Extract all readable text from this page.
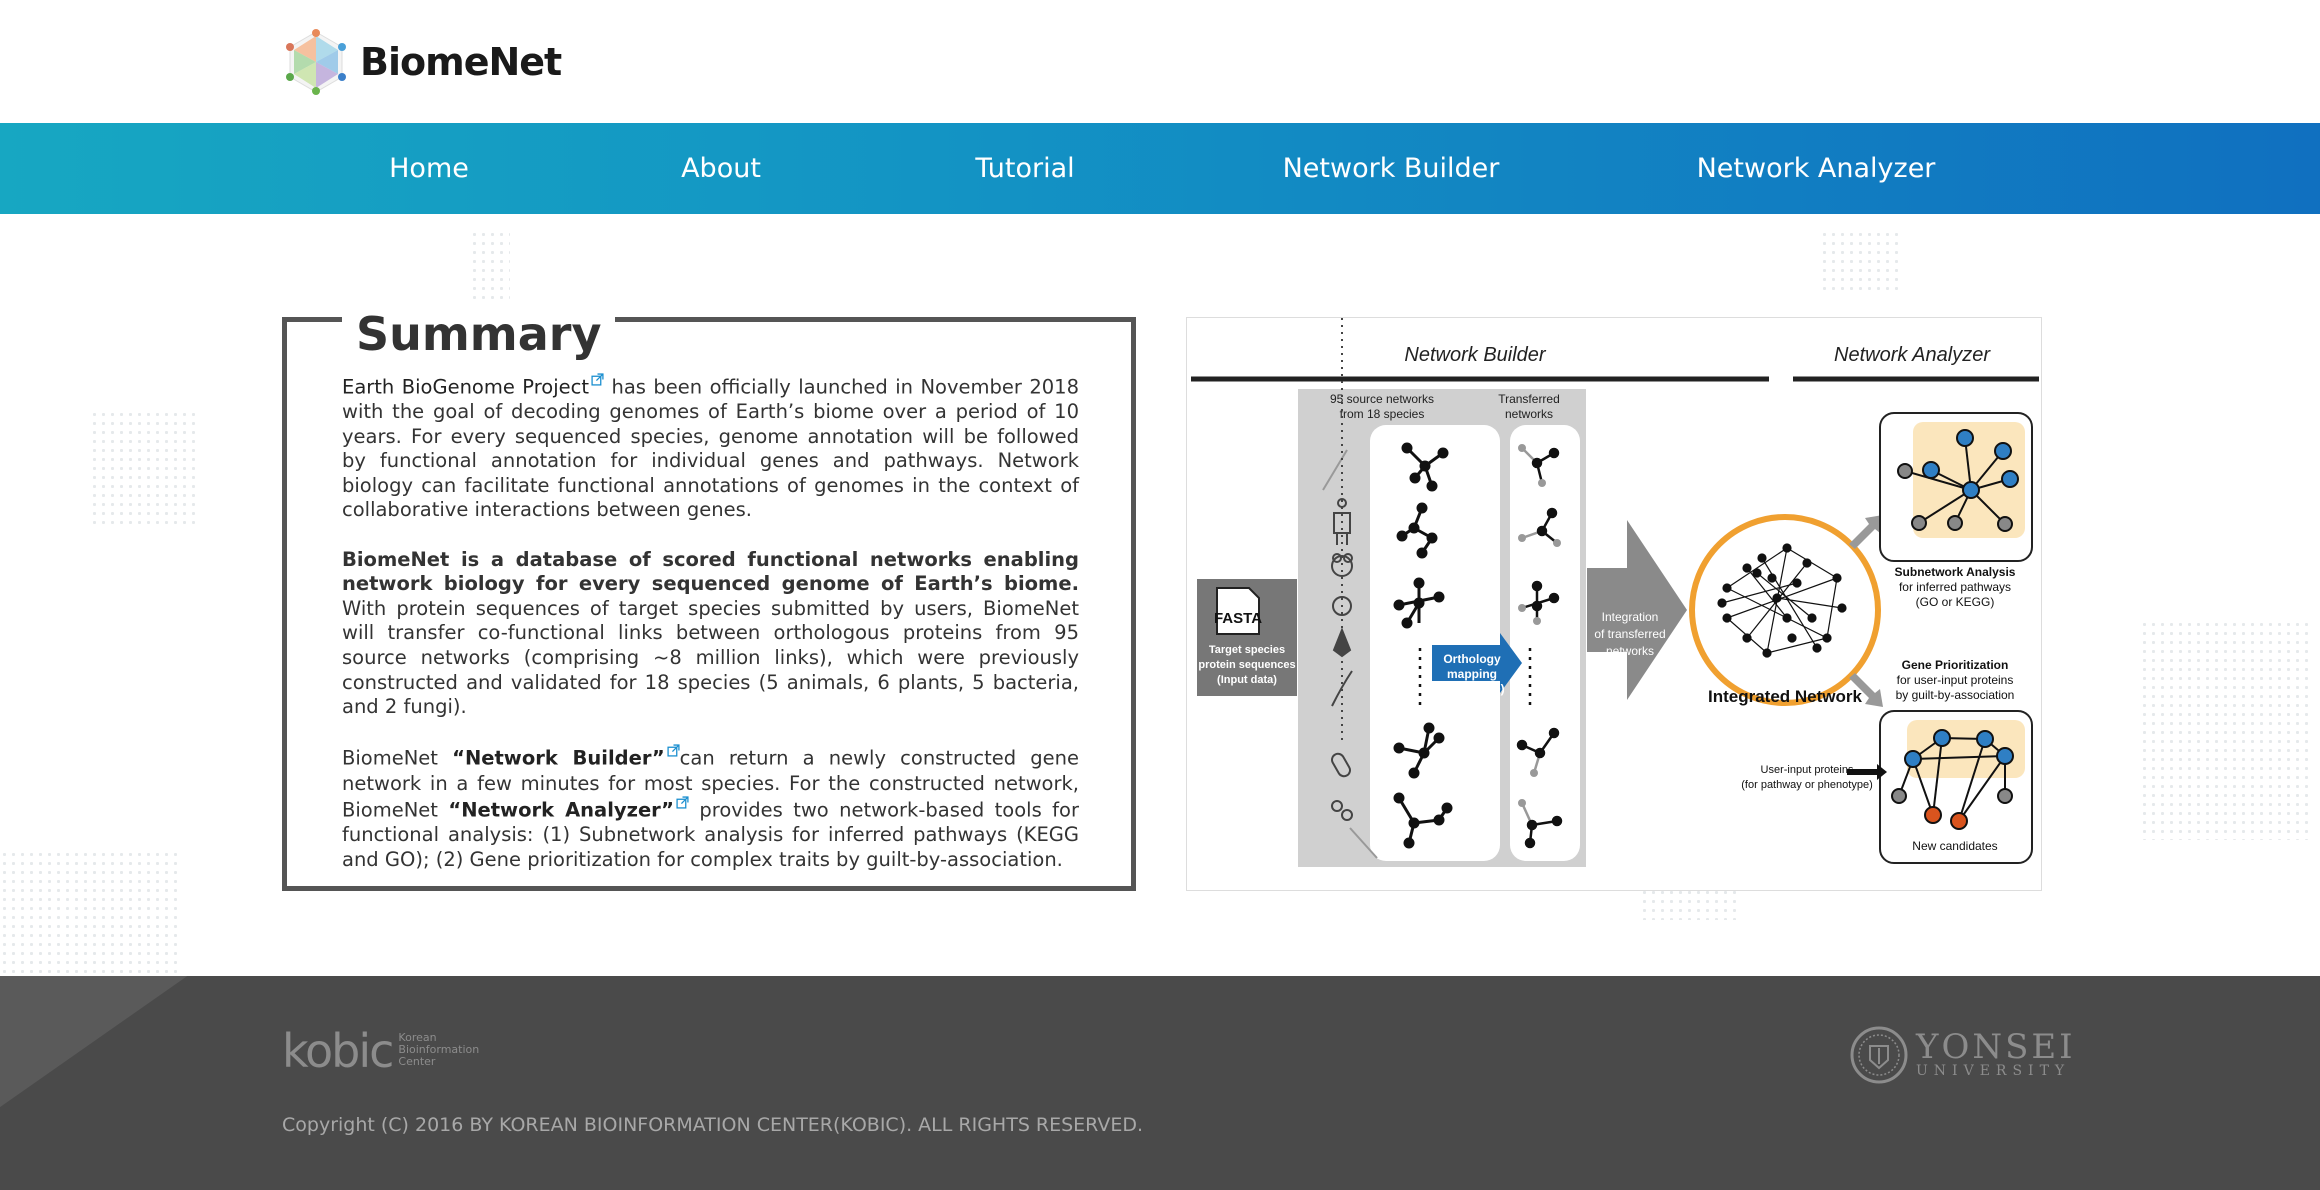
BiomeNet
Home	About	Tutorial	Network Builder	Network Analyzer
Summary

Earth BioGenome Project has been officially launched in November 2018 with the goal of decoding genomes of Earth’s biome over a period of 10 years. For every sequenced species, genome annotation will be followed by functional annotation for individual genes and pathways. Network biology can facilitate functional annotations of genomes in the context of collaborative interactions between genes.

BiomeNet is a database of scored functional networks enabling network biology for every sequenced genome of Earth’s biome. With protein sequences of target species submitted by users, BiomeNet will transfer co-functional links between orthologous proteins from 95 source networks (comprising ~8 million links), which were previously constructed and validated for 18 species (5 animals, 6 plants, 5 bacteria, and 2 fungi).

BiomeNet “Network Builder” can return a newly constructed gene network in a few minutes for most species. For the constructed network, BiomeNet “Network Analyzer” provides two network-based tools for functional analysis: (1) Subnetwork analysis for inferred pathways (KEGG and GO); (2) Gene prioritization for complex traits by guilt-by-association.

Network Builder	Network Analyzer
95 source networks
from 18 species
Transferred
networks
FASTA
Target species
protein sequences
(Input data)
Orthology
mapping
(DIAMOND)
Integration
of transferred
networks
Integrated Network
Subnetwork Analysis
for inferred pathways
(GO or KEGG)
Gene Prioritization
for user-input proteins
by guilt-by-association
User-input proteins
(for pathway or phenotype)
New candidates
kobic Korean
Bioinformation
Center
Copyright (C) 2016 BY KOREAN BIOINFORMATION CENTER(KOBIC). ALL RIGHTS RESERVED.
YONSEI
UNIVERSITY
